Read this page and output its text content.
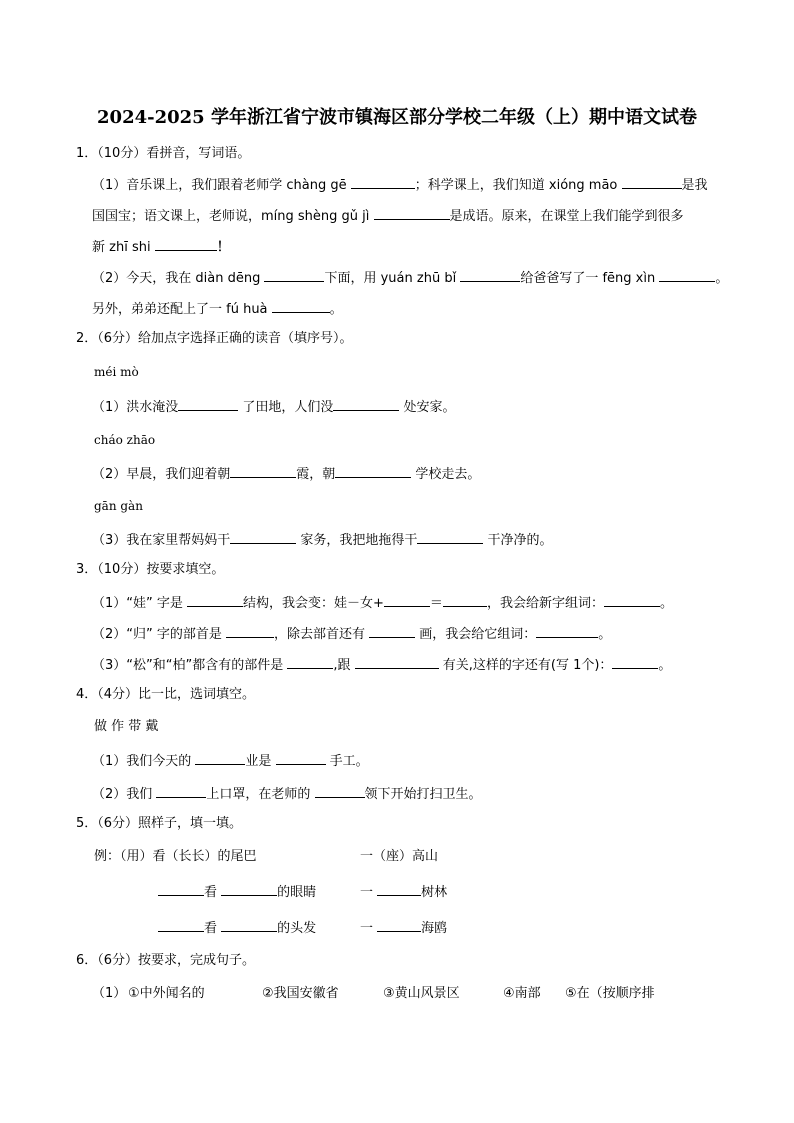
2024-2025 学年浙江省宁波市镇海区部分学校二年级（上）期中语文试卷
1．（10分）看拼音，写词语。
（1）音乐课上，我们跟着老师学 chàng gē	；科学课上，我们知道 xióng māo	是我
国国宝；语文课上，老师说，míng shèng gǔ jì	是成语。原来，在课堂上我们能学到很多
新 zhī shi	！
（2）今天，我在 diàn dēng	下面，用 yuán zhū bǐ	给爸爸写了一 fēng xìn	。
另外，弟弟还配上了一 fú huà	。
2．（6分）给加点字选择正确的读音（填序号）。
méi mò
（1）洪水淹没	了田地，人们没	处安家。
cháo zhāo
（2）早晨，我们迎着朝	霞，朝	学校走去。
gān gàn
（3）我在家里帮妈妈干	家务，我把地拖得干	干净净的。
3．（10分）按要求填空。
（1）“娃” 字是	结构，我会变：娃－女+	＝	，我会给新字组词：	。
（2）“归” 字的部首是	，除去部首还有	画，我会给它组词：	。
（3）“松”和“柏”都含有的部件是	,跟	有关,这样的字还有(写 1个)：	。
4．（4分）比一比，选词填空。
做 作 带 戴
（1）我们今天的	业是	手工。
（2）我们	上口罩，在老师的	领下开始打扫卫生。
5．（6分）照样子，填一填。
例：（用）看（长长）的尾巴	一（座）高山
看	的眼睛	一	树林
看	的头发	一	海鸥
6．（6分）按要求，完成句子。
（1） ①中外闻名的	②我国安徽省	③黄山风景区	④南部 ⑤在（按顺序排
